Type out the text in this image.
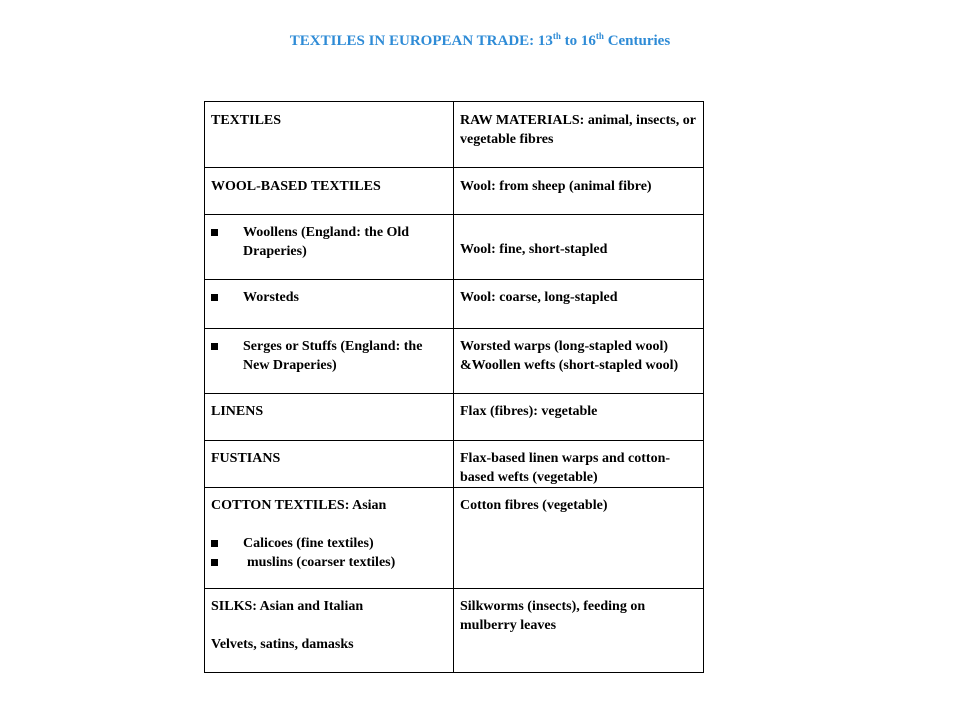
TEXTILES IN EUROPEAN TRADE: 13th to 16th Centuries
TEXTILES	RAW MATERIALS: animal, insects, or vegetable fibres
WOOL-BASED TEXTILES	Wool: from sheep (animal fibre)

Woollens (England: the Old Draperies)	Wool: fine, short-stapled

Worsteds	Wool: coarse, long-stapled

Serges or Stuffs (England: the New Draperies)	Worsted warps (long-stapled wool) &Woollen wefts (short-stapled wool)
LINENS	Flax (fibres): vegetable
FUSTIANS	Flax-based linen warps and cotton-based wefts (vegetable)

COTTON TEXTILES: Asian
Calicoes (fine textiles)
muslins (coarser textiles)	Cotton fibres (vegetable)

SILKS: Asian and Italian
Velvets, satins, damasks	Silkworms (insects), feeding on mulberry leaves
